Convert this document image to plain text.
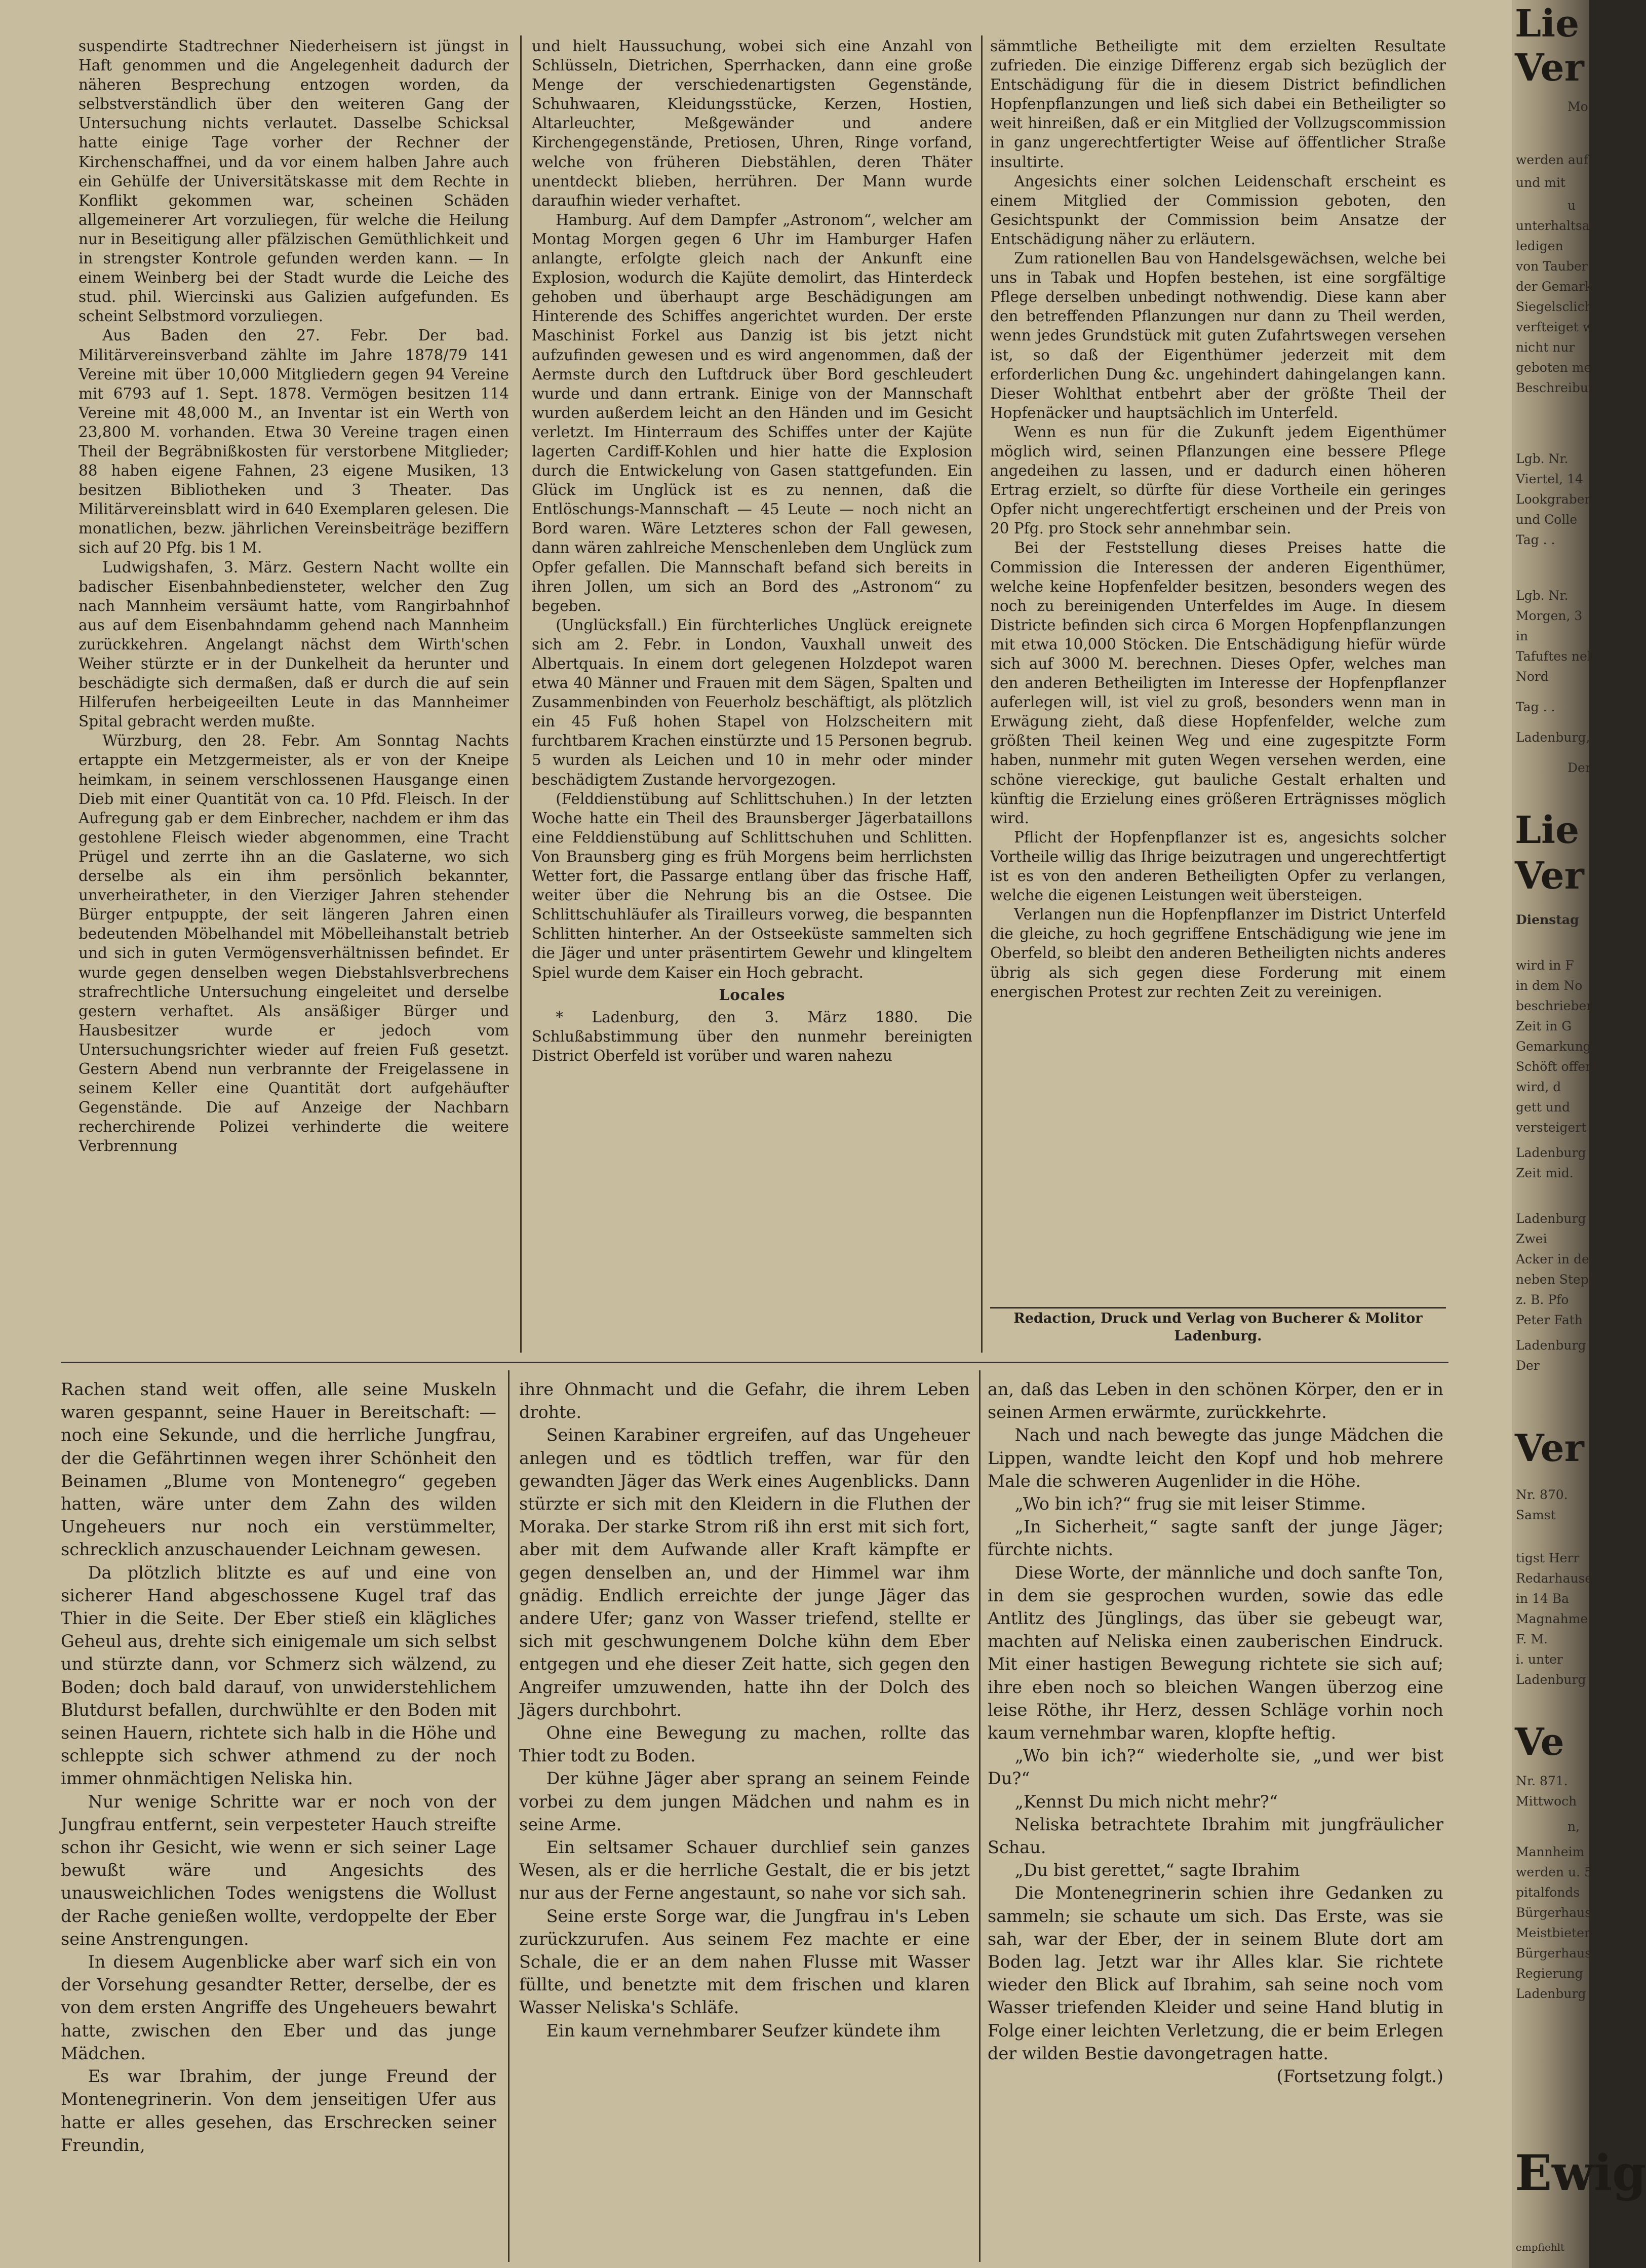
suspendirte Stadtrechner Niederheisern ist jüngst in Haft genommen und die Angelegenheit dadurch der näheren Besprechung entzogen worden, da selbstverständlich über den weiteren Gang der Untersuchung nichts verlautet. Dasselbe Schicksal hatte einige Tage vorher der Rechner der Kirchenschaffnei, und da vor einem halben Jahre auch ein Gehülfe der Universitätskasse mit dem Rechte in Konflikt gekommen war, scheinen Schäden allgemeinerer Art vorzuliegen, für welche die Heilung nur in Beseitigung aller pfälzischen Gemüthlichkeit und in strengster Kontrole gefunden werden kann. — In einem Weinberg bei der Stadt wurde die Leiche des stud. phil. Wiercinski aus Galizien aufgefunden. Es scheint Selbstmord vorzuliegen.

Aus Baden den 27. Febr. Der bad. Militärvereinsverband zählte im Jahre 1878/79 141 Vereine mit über 10,000 Mitgliedern gegen 94 Vereine mit 6793 auf 1. Sept. 1878. Vermögen besitzen 114 Vereine mit 48,000 M., an Inventar ist ein Werth von 23,800 M. vorhanden. Etwa 30 Vereine tragen einen Theil der Begräbnißkosten für verstorbene Mitglieder; 88 haben eigene Fahnen, 23 eigene Musiken, 13 besitzen Bibliotheken und 3 Theater. Das Militärvereinsblatt wird in 640 Exemplaren gelesen. Die monatlichen, bezw. jährlichen Vereinsbeiträge beziffern sich auf 20 Pfg. bis 1 M.

Ludwigshafen, 3. März. Gestern Nacht wollte ein badischer Eisenbahnbediensteter, welcher den Zug nach Mannheim versäumt hatte, vom Rangirbahnhof aus auf dem Eisenbahndamm gehend nach Mannheim zurückkehren. Angelangt nächst dem Wirth'schen Weiher stürzte er in der Dunkelheit da herunter und beschädigte sich dermaßen, daß er durch die auf sein Hilferufen herbeigeeilten Leute in das Mannheimer Spital gebracht werden mußte.

Würzburg, den 28. Febr. Am Sonntag Nachts ertappte ein Metzgermeister, als er von der Kneipe heimkam, in seinem verschlossenen Hausgange einen Dieb mit einer Quantität von ca. 10 Pfd. Fleisch. In der Aufregung gab er dem Einbrecher, nachdem er ihm das gestohlene Fleisch wieder abgenommen, eine Tracht Prügel und zerrte ihn an die Gaslaterne, wo sich derselbe als ein ihm persönlich bekannter, unverheiratheter, in den Vierziger Jahren stehender Bürger entpuppte, der seit längeren Jahren einen bedeutenden Möbelhandel mit Möbelleihanstalt betrieb und sich in guten Vermögensverhältnissen befindet. Er wurde gegen denselben wegen Diebstahlsverbrechens strafrechtliche Untersuchung eingeleitet und derselbe gestern verhaftet. Als ansäßiger Bürger und Hausbesitzer wurde er jedoch vom Untersuchungsrichter wieder auf freien Fuß gesetzt. Gestern Abend nun verbrannte der Freigelassene in seinem Keller eine Quantität dort aufgehäufter Gegenstände. Die auf Anzeige der Nachbarn recherchirende Polizei verhinderte die weitere Verbrennung

und hielt Haussuchung, wobei sich eine Anzahl von Schlüsseln, Dietrichen, Sperrhacken, dann eine große Menge der verschiedenartigsten Gegenstände, Schuhwaaren, Kleidungsstücke, Kerzen, Hostien, Altarleuchter, Meßgewänder und andere Kirchengegenstände, Pretiosen, Uhren, Ringe vorfand, welche von früheren Diebstählen, deren Thäter unentdeckt blieben, herrühren. Der Mann wurde daraufhin wieder verhaftet.

Hamburg. Auf dem Dampfer „Astronom“, welcher am Montag Morgen gegen 6 Uhr im Hamburger Hafen anlangte, erfolgte gleich nach der Ankunft eine Explosion, wodurch die Kajüte demolirt, das Hinterdeck gehoben und überhaupt arge Beschädigungen am Hinterende des Schiffes angerichtet wurden. Der erste Maschinist Forkel aus Danzig ist bis jetzt nicht aufzufinden gewesen und es wird angenommen, daß der Aermste durch den Luftdruck über Bord geschleudert wurde und dann ertrank. Einige von der Mannschaft wurden außerdem leicht an den Händen und im Gesicht verletzt. Im Hinterraum des Schiffes unter der Kajüte lagerten Cardiff-Kohlen und hier hatte die Explosion durch die Entwickelung von Gasen stattgefunden. Ein Glück im Unglück ist es zu nennen, daß die Entlöschungs-Mannschaft — 45 Leute — noch nicht an Bord waren. Wäre Letzteres schon der Fall gewesen, dann wären zahlreiche Menschenleben dem Unglück zum Opfer gefallen. Die Mannschaft befand sich bereits in ihren Jollen, um sich an Bord des „Astronom“ zu begeben.

(Unglücksfall.) Ein fürchterliches Unglück ereignete sich am 2. Febr. in London, Vauxhall unweit des Albertquais. In einem dort gelegenen Holzdepot waren etwa 40 Männer und Frauen mit dem Sägen, Spalten und Zusammenbinden von Feuerholz beschäftigt, als plötzlich ein 45 Fuß hohen Stapel von Holzscheitern mit furchtbarem Krachen einstürzte und 15 Personen begrub. 5 wurden als Leichen und 10 in mehr oder minder beschädigtem Zustande hervorgezogen.

(Felddienstübung auf Schlittschuhen.) In der letzten Woche hatte ein Theil des Braunsberger Jägerbataillons eine Felddienstübung auf Schlittschuhen und Schlitten. Von Braunsberg ging es früh Morgens beim herrlichsten Wetter fort, die Passarge entlang über das frische Haff, weiter über die Nehrung bis an die Ostsee. Die Schlittschuhläufer als Tirailleurs vorweg, die bespannten Schlitten hinterher. An der Ostseeküste sammelten sich die Jäger und unter präsentirtem Gewehr und klingeltem Spiel wurde dem Kaiser ein Hoch gebracht.

Locales

* Ladenburg, den 3. März 1880. Die Schlußabstimmung über den nunmehr bereinigten District Oberfeld ist vorüber und waren nahezu

sämmtliche Betheiligte mit dem erzielten Resultate zufrieden. Die einzige Differenz ergab sich bezüglich der Entschädigung für die in diesem District befindlichen Hopfenpflanzungen und ließ sich dabei ein Betheiligter so weit hinreißen, daß er ein Mitglied der Vollzugscommission in ganz ungerechtfertigter Weise auf öffentlicher Straße insultirte.

Angesichts einer solchen Leidenschaft erscheint es einem Mitglied der Commission geboten, den Gesichtspunkt der Commission beim Ansatze der Entschädigung näher zu erläutern.

Zum rationellen Bau von Handelsgewächsen, welche bei uns in Tabak und Hopfen bestehen, ist eine sorgfältige Pflege derselben unbedingt nothwendig. Diese kann aber den betreffenden Pflanzungen nur dann zu Theil werden, wenn jedes Grundstück mit guten Zufahrtswegen versehen ist, so daß der Eigenthümer jederzeit mit dem erforderlichen Dung &c. ungehindert dahingelangen kann. Dieser Wohlthat entbehrt aber der größte Theil der Hopfenäcker und hauptsächlich im Unterfeld.

Wenn es nun für die Zukunft jedem Eigenthümer möglich wird, seinen Pflanzungen eine bessere Pflege angedeihen zu lassen, und er dadurch einen höheren Ertrag erzielt, so dürfte für diese Vortheile ein geringes Opfer nicht ungerechtfertigt erscheinen und der Preis von 20 Pfg. pro Stock sehr annehmbar sein.

Bei der Feststellung dieses Preises hatte die Commission die Interessen der anderen Eigenthümer, welche keine Hopfenfelder besitzen, besonders wegen des noch zu bereinigenden Unterfeldes im Auge. In diesem Districte befinden sich circa 6 Morgen Hopfenpflanzungen mit etwa 10,000 Stöcken. Die Entschädigung hiefür würde sich auf 3000 M. berechnen. Dieses Opfer, welches man den anderen Betheiligten im Interesse der Hopfenpflanzer auferlegen will, ist viel zu groß, besonders wenn man in Erwägung zieht, daß diese Hopfenfelder, welche zum größten Theil keinen Weg und eine zugespitzte Form haben, nunmehr mit guten Wegen versehen werden, eine schöne viereckige, gut bauliche Gestalt erhalten und künftig die Erzielung eines größeren Erträgnisses möglich wird.

Pflicht der Hopfenpflanzer ist es, angesichts solcher Vortheile willig das Ihrige beizutragen und ungerechtfertigt ist es von den anderen Betheiligten Opfer zu verlangen, welche die eigenen Leistungen weit übersteigen.

Verlangen nun die Hopfenpflanzer im District Unterfeld die gleiche, zu hoch gegriffene Entschädigung wie jene im Oberfeld, so bleibt den anderen Betheiligten nichts anderes übrig als sich gegen diese Forderung mit einem energischen Protest zur rechten Zeit zu vereinigen.

Redaction, Druck und Verlag von Bucherer & Molitor
Ladenburg.

Rachen stand weit offen, alle seine Muskeln waren gespannt, seine Hauer in Bereitschaft: — noch eine Sekunde, und die herrliche Jungfrau, der die Gefährtinnen wegen ihrer Schönheit den Beinamen „Blume von Montenegro“ gegeben hatten, wäre unter dem Zahn des wilden Ungeheuers nur noch ein verstümmelter, schrecklich anzuschauender Leichnam gewesen.

Da plötzlich blitzte es auf und eine von sicherer Hand abgeschossene Kugel traf das Thier in die Seite. Der Eber stieß ein klägliches Geheul aus, drehte sich einigemale um sich selbst und stürzte dann, vor Schmerz sich wälzend, zu Boden; doch bald darauf, von unwiderstehlichem Blutdurst befallen, durchwühlte er den Boden mit seinen Hauern, richtete sich halb in die Höhe und schleppte sich schwer athmend zu der noch immer ohnmächtigen Neliska hin.

Nur wenige Schritte war er noch von der Jungfrau entfernt, sein verpesteter Hauch streifte schon ihr Gesicht, wie wenn er sich seiner Lage bewußt wäre und Angesichts des unausweichlichen Todes wenigstens die Wollust der Rache genießen wollte, verdoppelte der Eber seine Anstrengungen.

In diesem Augenblicke aber warf sich ein von der Vorsehung gesandter Retter, derselbe, der es von dem ersten Angriffe des Ungeheuers bewahrt hatte, zwischen den Eber und das junge Mädchen.

Es war Ibrahim, der junge Freund der Montenegrinerin. Von dem jenseitigen Ufer aus hatte er alles gesehen, das Erschrecken seiner Freundin,

ihre Ohnmacht und die Gefahr, die ihrem Leben drohte.

Seinen Karabiner ergreifen, auf das Ungeheuer anlegen und es tödtlich treffen, war für den gewandten Jäger das Werk eines Augenblicks. Dann stürzte er sich mit den Kleidern in die Fluthen der Moraka. Der starke Strom riß ihn erst mit sich fort, aber mit dem Aufwande aller Kraft kämpfte er gegen denselben an, und der Himmel war ihm gnädig. Endlich erreichte der junge Jäger das andere Ufer; ganz von Wasser triefend, stellte er sich mit geschwungenem Dolche kühn dem Eber entgegen und ehe dieser Zeit hatte, sich gegen den Angreifer umzuwenden, hatte ihn der Dolch des Jägers durchbohrt.

Ohne eine Bewegung zu machen, rollte das Thier todt zu Boden.

Der kühne Jäger aber sprang an seinem Feinde vorbei zu dem jungen Mädchen und nahm es in seine Arme.

Ein seltsamer Schauer durchlief sein ganzes Wesen, als er die herrliche Gestalt, die er bis jetzt nur aus der Ferne angestaunt, so nahe vor sich sah.

Seine erste Sorge war, die Jungfrau in's Leben zurückzurufen. Aus seinem Fez machte er eine Schale, die er an dem nahen Flusse mit Wasser füllte, und benetzte mit dem frischen und klaren Wasser Neliska's Schläfe.

Ein kaum vernehmbarer Seufzer kündete ihm

an, daß das Leben in den schönen Körper, den er in seinen Armen erwärmte, zurückkehrte.

Nach und nach bewegte das junge Mädchen die Lippen, wandte leicht den Kopf und hob mehrere Male die schweren Augenlider in die Höhe.

„Wo bin ich?“ frug sie mit leiser Stimme.

„In Sicherheit,“ sagte sanft der junge Jäger; fürchte nichts.

Diese Worte, der männliche und doch sanfte Ton, in dem sie gesprochen wurden, sowie das edle Antlitz des Jünglings, das über sie gebeugt war, machten auf Neliska einen zauberischen Eindruck. Mit einer hastigen Bewegung richtete sie sich auf; ihre eben noch so bleichen Wangen überzog eine leise Röthe, ihr Herz, dessen Schläge vorhin noch kaum vernehmbar waren, klopfte heftig.

„Wo bin ich?“ wiederholte sie, „und wer bist Du?“

„Kennst Du mich nicht mehr?“

Neliska betrachtete Ibrahim mit jungfräulicher Schau.

„Du bist gerettet,“ sagte Ibrahim

Die Montenegrinerin schien ihre Gedanken zu sammeln; sie schaute um sich. Das Erste, was sie sah, war der Eber, der in seinem Blute dort am Boden lag. Jetzt war ihr Alles klar. Sie richtete wieder den Blick auf Ibrahim, sah seine noch vom Wasser triefenden Kleider und seine Hand blutig in Folge einer leichten Verletzung, die er beim Erlegen der wilden Bestie davongetragen hatte.

(Fortsetzung folgt.)

Lie
Ver
Mo
werden auf
und mit
u
unterhaltsam
ledigen
von Tauber
der Gemark
Siegelsclichte
verfteiget w
nicht nur
geboten me
Beschreibung
Lgb. Nr.
Viertel, 14
Lookgraben,
und Colle
Tag . .
Lgb. Nr.
Morgen, 3
in
Tafuftes nebe
Nord
Tag . .
Ladenburg,
Der
Lie
Ver
Dienstag
wird in F
in dem No
beschriebene
Zeit in G
Gemarkung
Schöft offenth
wird, d
gett und
versteigert
Ladenburg
Zeit mid.
Ladenburg
Zwei
Acker in der
neben Stephan
z. B. Pfo
Peter Fath
Ladenburg
Der
Ver
Nr. 870.
Samst
tigst Herr
Redarhausen
in 14 Ba
Magnahme
F. M.
i. unter
Ladenburg
Ve
Nr. 871.
Mittwoch
n,
Mannheim
werden u. 5
pitalfonds
Bürgerhaus
Meistbietende
Bürgerhaus
Regierung
Ladenburg
Ewig
empfiehlt
